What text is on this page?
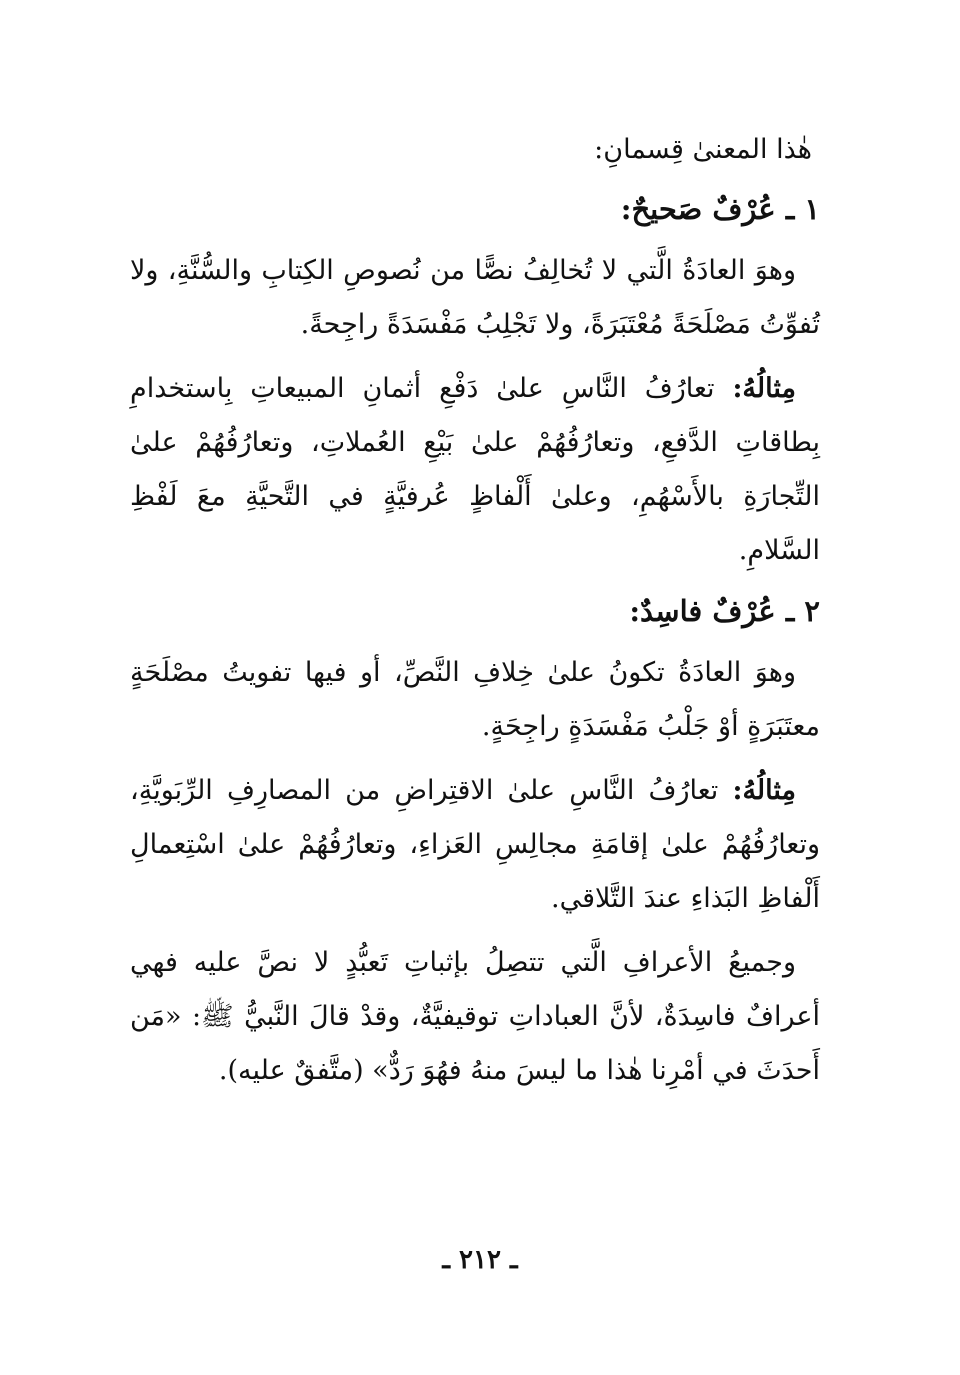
هٰذا المعنىٰ قِسمانِ:

١ ـ عُرْفٌ صَحيحٌ:

وهوَ العادَةُ الَّتي لا تُخالِفُ نصًّا من نُصوصِ الكِتابِ والسُّنَّةِ، ولا تُفوِّتُ مَصْلَحَةً مُعْتَبَرَةً، ولا تَجْلِبُ مَفْسَدَةً راجِحةً.

مِثالُهُ: تعارُفُ النَّاسِ علىٰ دَفْعِ أثمانِ المبيعاتِ بِاستخدامِ بِطاقاتِ الدَّفعِ، وتعارُفُهُمْ علىٰ بَيْعِ العُملاتِ، وتعارُفُهُمْ علىٰ التِّجارَةِ بالأَسْهُمِ، وعلىٰ أَلْفاظٍ عُرفيَّةٍ في التَّحيَّةِ معَ لَفْظِ السَّلامِ.

٢ ـ عُرْفٌ فاسِدٌ:

وهوَ العادَةُ تكونُ علىٰ خِلافِ النَّصِّ، أو فيها تفويتُ مصْلَحَةٍ معتَبَرَةٍ أوْ جَلْبُ مَفْسَدَةٍ راجِحَةٍ.

مِثالُهُ: تعارُفُ النَّاسِ علىٰ الاقتِراضِ من المصارِفِ الرِّبَويَّةِ، وتعارُفُهُمْ علىٰ إقامَةِ مجالِسِ العَزاءِ، وتعارُفُهُمْ علىٰ اسْتِعمالِ أَلْفاظِ البَذاءِ عندَ التَّلاقي.

وجميعُ الأعرافِ الَّتي تتصِلُ بإثباتِ تَعبُّدٍ لا نصَّ عليه فهي أعرافٌ فاسِدَةٌ، لأنَّ العباداتِ توقيفيَّةٌ، وقدْ قالَ النَّبيُّ ﷺ: «مَن أَحدَثَ في أمْرِنا هٰذا ما ليسَ منهُ فهُوَ رَدٌّ» (متَّفقٌ عليه).

ـ ٢١٢ ـ
